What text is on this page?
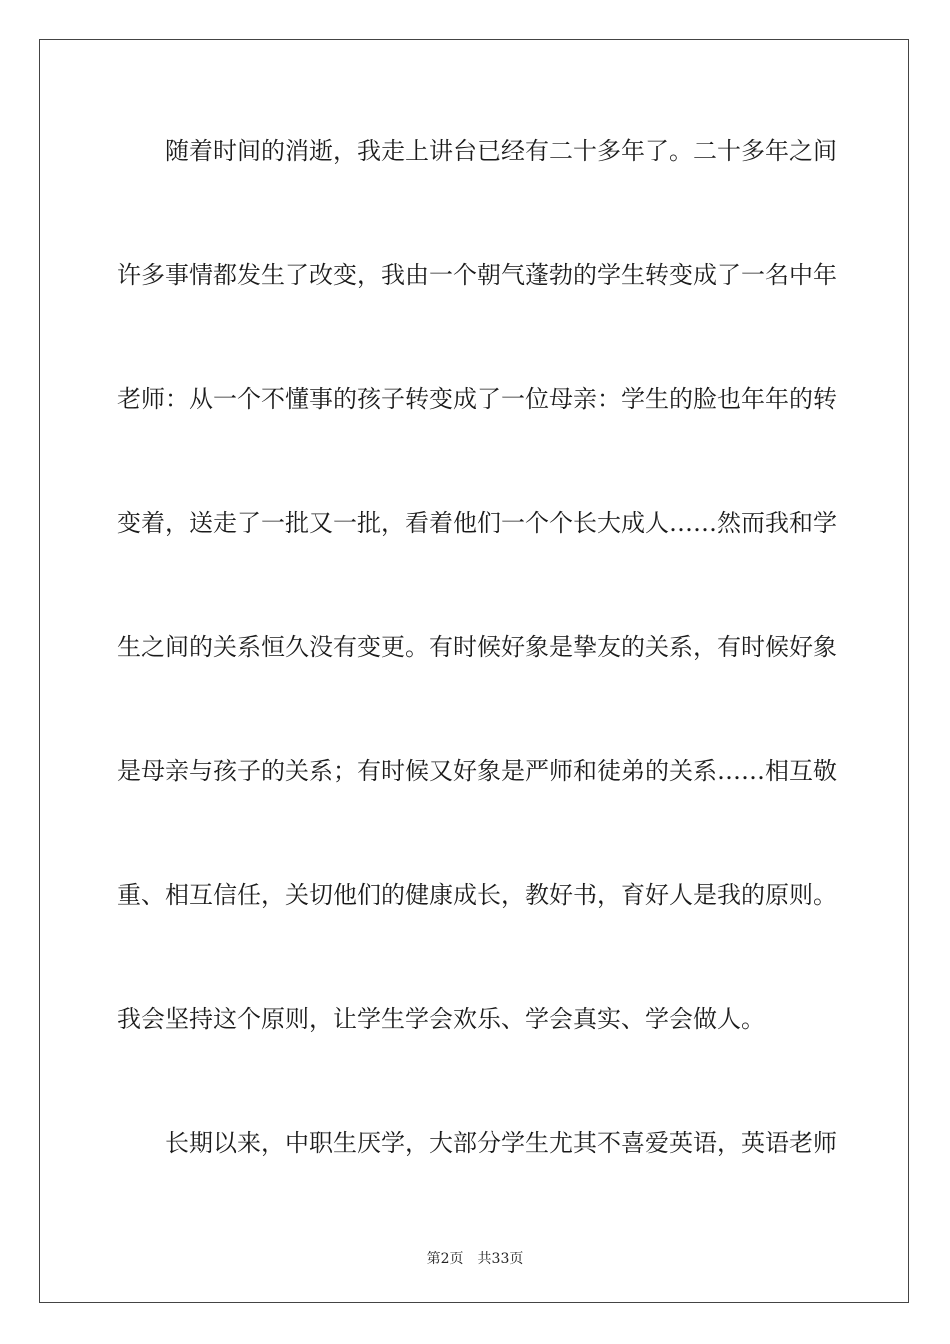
随着时间的消逝，我走上讲台已经有二十多年了。二十多年之间
许多事情都发生了改变，我由一个朝气蓬勃的学生转变成了一名中年
老师：从一个不懂事的孩子转变成了一位母亲：学生的脸也年年的转
变着，送走了一批又一批，看着他们一个个长大成人……然而我和学
生之间的关系恒久没有变更。有时候好象是挚友的关系，有时候好象
是母亲与孩子的关系；有时候又好象是严师和徒弟的关系……相互敬
重、相互信任，关切他们的健康成长，教好书，育好人是我的原则。
我会坚持这个原则，让学生学会欢乐、学会真实、学会做人。
长期以来，中职生厌学，大部分学生尤其不喜爱英语，英语老师
第2页　共33页
